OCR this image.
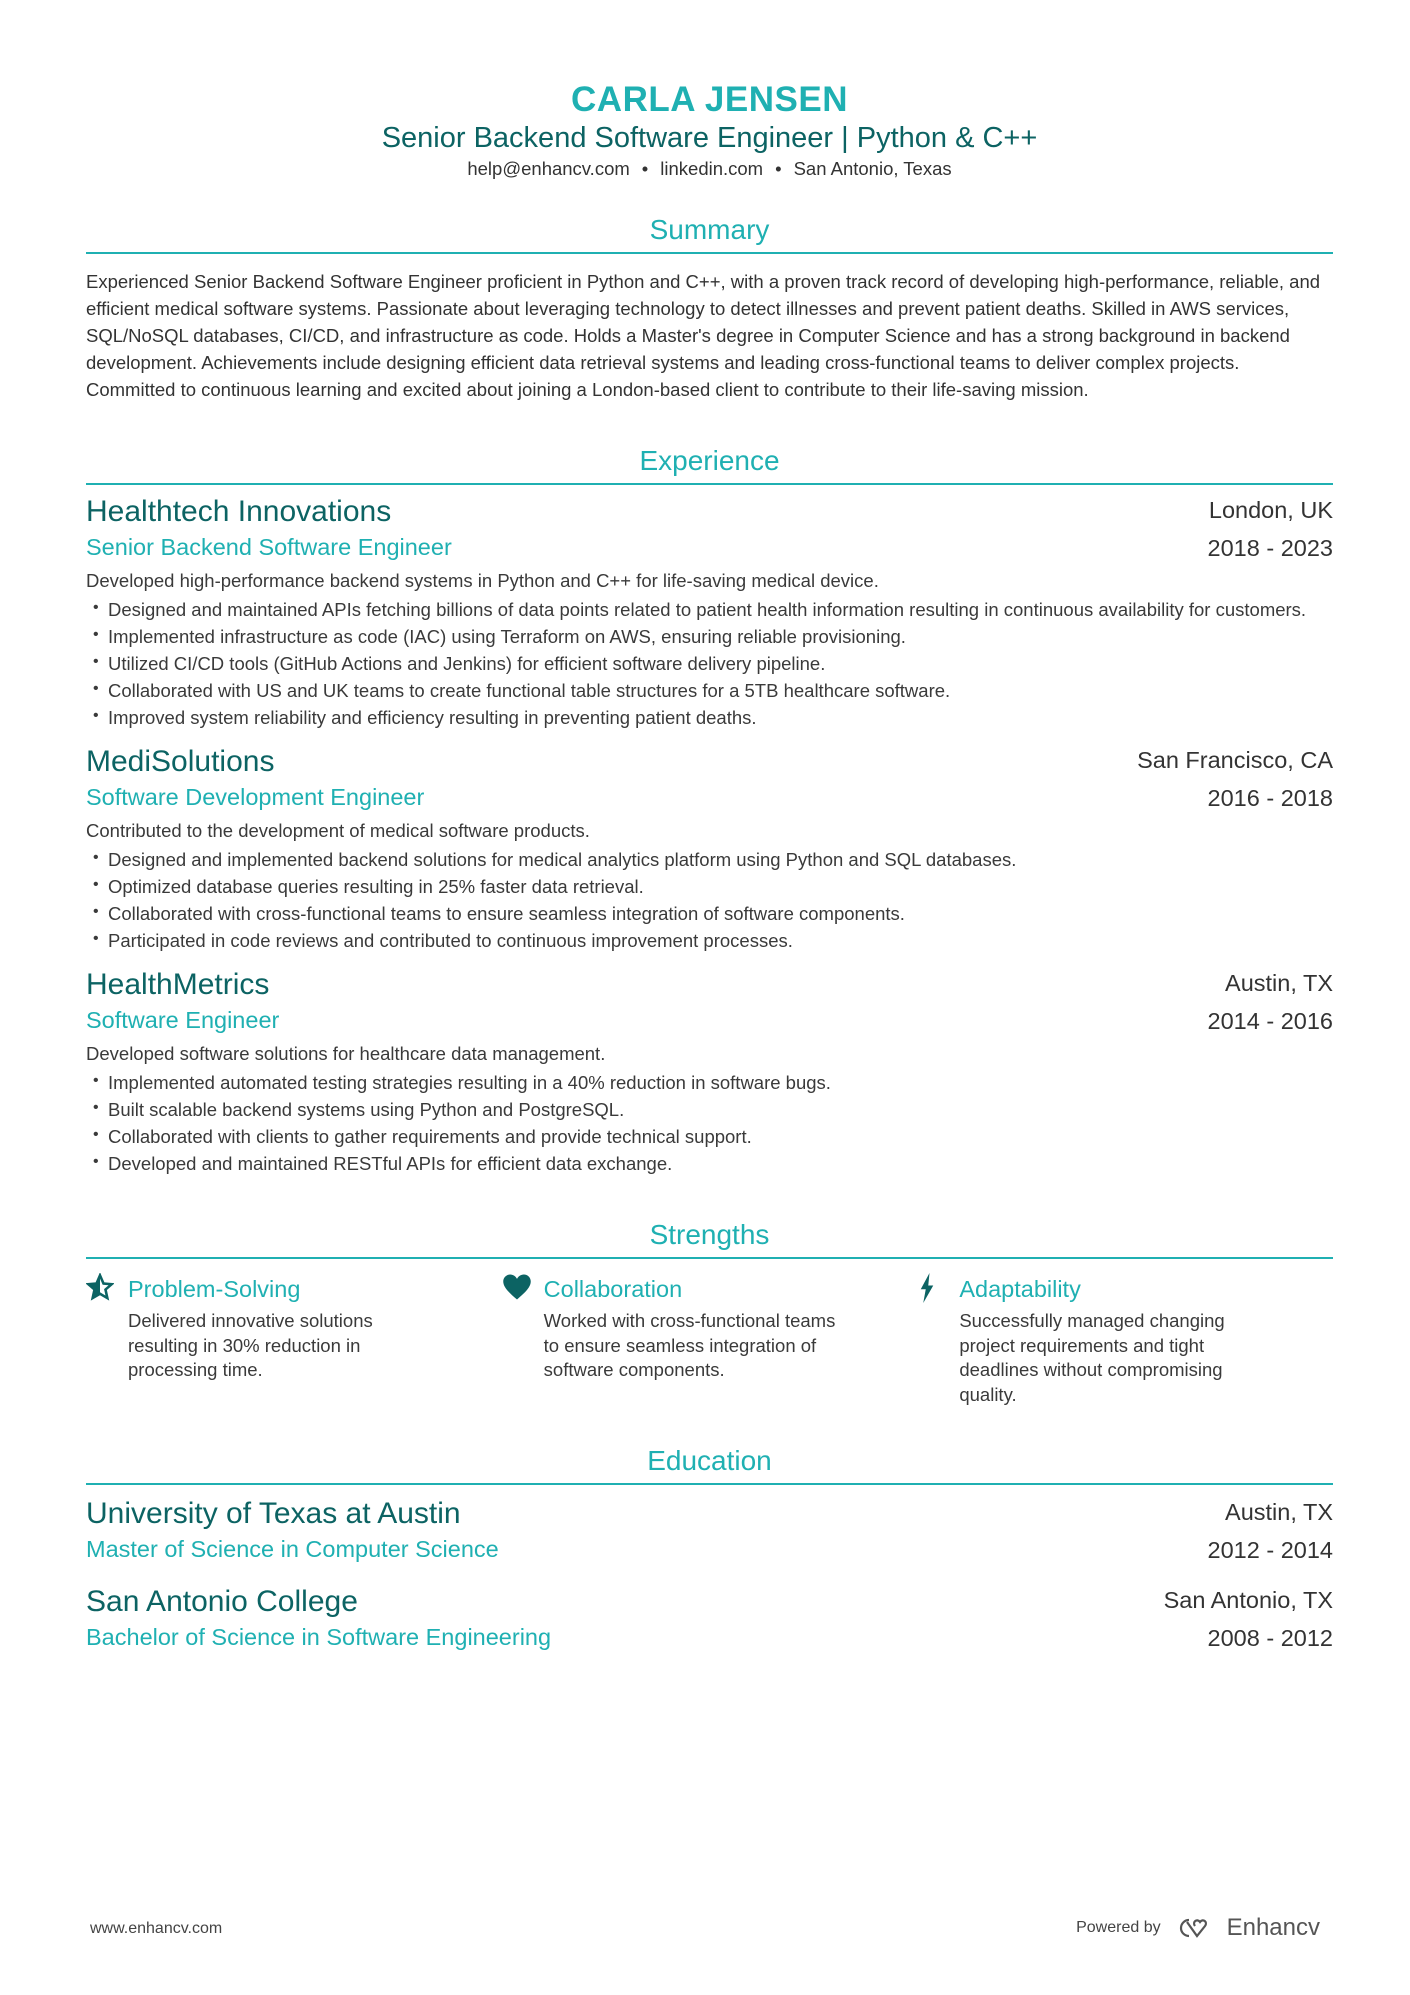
CARLA JENSEN
Senior Backend Software Engineer | Python & C++
help@enhancv.com • linkedin.com • San Antonio, Texas
Summary
Experienced Senior Backend Software Engineer proficient in Python and C++, with a proven track record of developing high-performance, reliable, and efficient medical software systems. Passionate about leveraging technology to detect illnesses and prevent patient deaths. Skilled in AWS services, SQL/NoSQL databases, CI/CD, and infrastructure as code. Holds a Master's degree in Computer Science and has a strong background in backend development. Achievements include designing efficient data retrieval systems and leading cross-functional teams to deliver complex projects. Committed to continuous learning and excited about joining a London-based client to contribute to their life-saving mission.
Experience
Healthtech Innovations
Senior Backend Software Engineer
London, UK
2018 - 2023
Developed high-performance backend systems in Python and C++ for life-saving medical device.
• Designed and maintained APIs fetching billions of data points related to patient health information resulting in continuous availability for customers.
• Implemented infrastructure as code (IAC) using Terraform on AWS, ensuring reliable provisioning.
• Utilized CI/CD tools (GitHub Actions and Jenkins) for efficient software delivery pipeline.
• Collaborated with US and UK teams to create functional table structures for a 5TB healthcare software.
• Improved system reliability and efficiency resulting in preventing patient deaths.
MediSolutions
Software Development Engineer
San Francisco, CA
2016 - 2018
Contributed to the development of medical software products.
• Designed and implemented backend solutions for medical analytics platform using Python and SQL databases.
• Optimized database queries resulting in 25% faster data retrieval.
• Collaborated with cross-functional teams to ensure seamless integration of software components.
• Participated in code reviews and contributed to continuous improvement processes.
HealthMetrics
Software Engineer
Austin, TX
2014 - 2016
Developed software solutions for healthcare data management.
• Implemented automated testing strategies resulting in a 40% reduction in software bugs.
• Built scalable backend systems using Python and PostgreSQL.
• Collaborated with clients to gather requirements and provide technical support.
• Developed and maintained RESTful APIs for efficient data exchange.
Strengths
Problem-Solving
Delivered innovative solutions resulting in 30% reduction in processing time.
Collaboration
Worked with cross-functional teams to ensure seamless integration of software components.
Adaptability
Successfully managed changing project requirements and tight deadlines without compromising quality.
Education
University of Texas at Austin
Master of Science in Computer Science
Austin, TX
2012 - 2014
San Antonio College
Bachelor of Science in Software Engineering
San Antonio, TX
2008 - 2012
www.enhancv.com	Powered by	Enhancv
